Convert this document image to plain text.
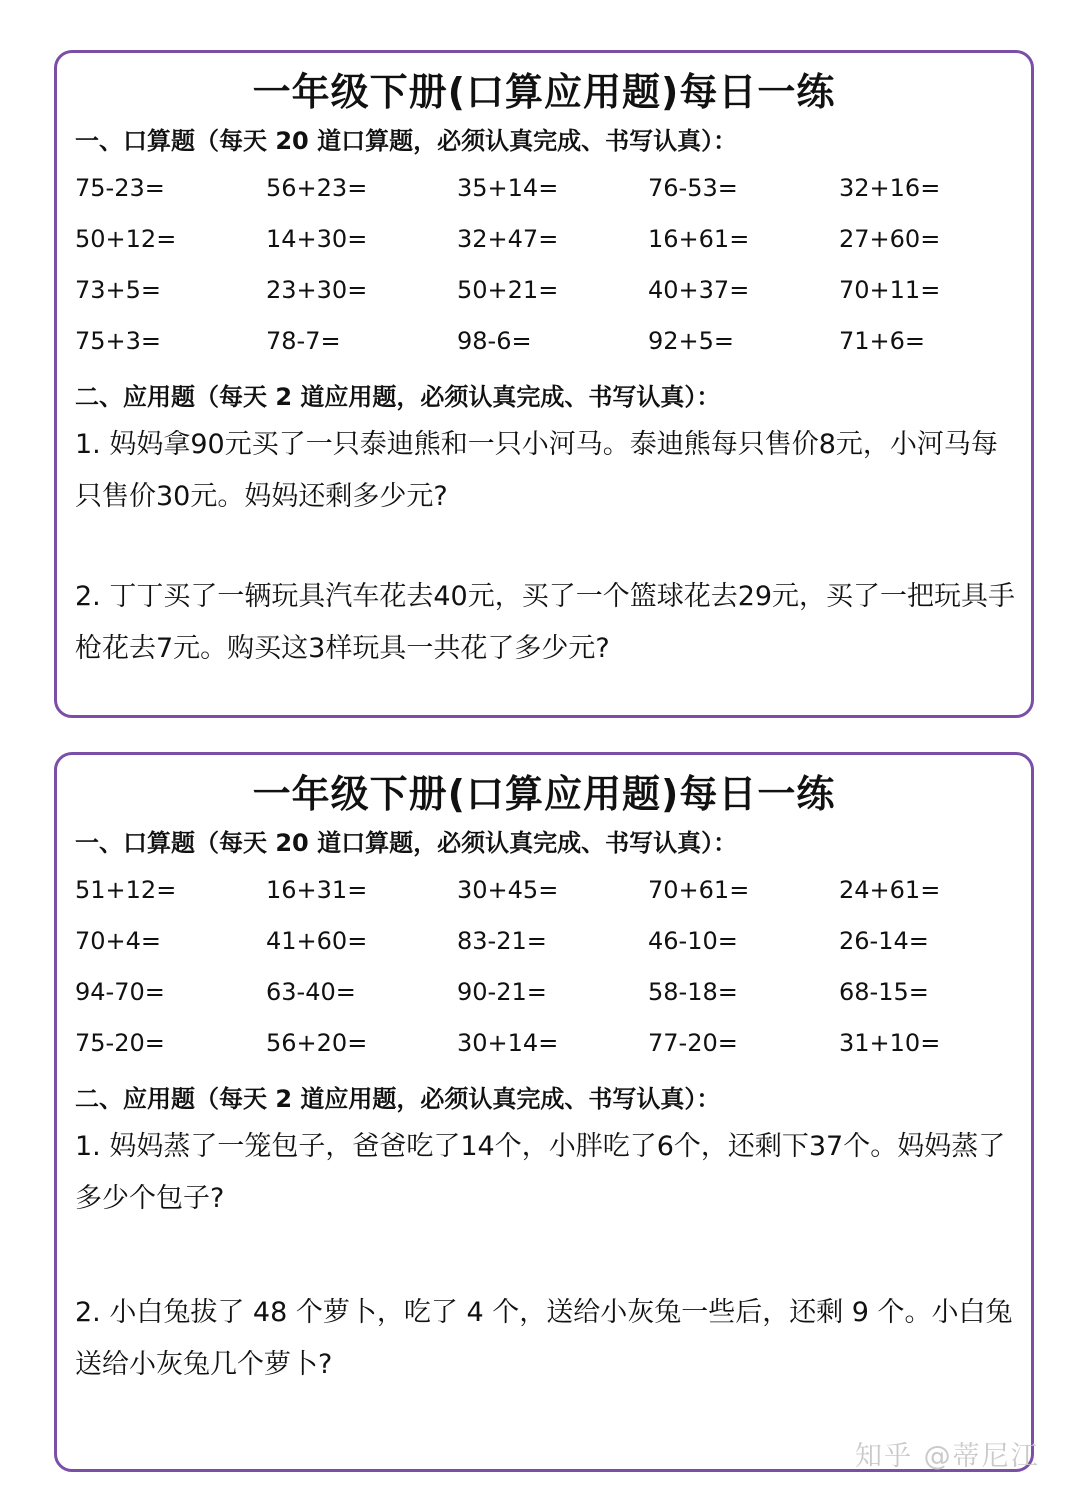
一年级下册(口算应用题)每日一练
一、口算题（每天 20 道口算题，必须认真完成、书写认真）：
75-23=	56+23=	35+14=	76-53=	32+16=
50+12=	14+30=	32+47=	16+61=	27+60=
73+5=	23+30=	50+21=	40+37=	70+11=
75+3=	78-7=	98-6=	92+5=	71+6=
二、应用题（每天 2 道应用题，必须认真完成、书写认真）：
1. 妈妈拿90元买了一只泰迪熊和一只小河马。泰迪熊每只售价8元，小河马每只售价30元。妈妈还剩多少元?
2. 丁丁买了一辆玩具汽车花去40元，买了一个篮球花去29元，买了一把玩具手枪花去7元。购买这3样玩具一共花了多少元?
一年级下册(口算应用题)每日一练
一、口算题（每天 20 道口算题，必须认真完成、书写认真）：
51+12=	16+31=	30+45=	70+61=	24+61=
70+4=	41+60=	83-21=	46-10=	26-14=
94-70=	63-40=	90-21=	58-18=	68-15=
75-20=	56+20=	30+14=	77-20=	31+10=
二、应用题（每天 2 道应用题，必须认真完成、书写认真）：
1. 妈妈蒸了一笼包子，爸爸吃了14个，小胖吃了6个，还剩下37个。妈妈蒸了多少个包子?
2. 小白兔拔了 48 个萝卜，吃了 4 个，送给小灰兔一些后，还剩 9 个。小白兔送给小灰兔几个萝卜?
知乎 @蒂尼江
